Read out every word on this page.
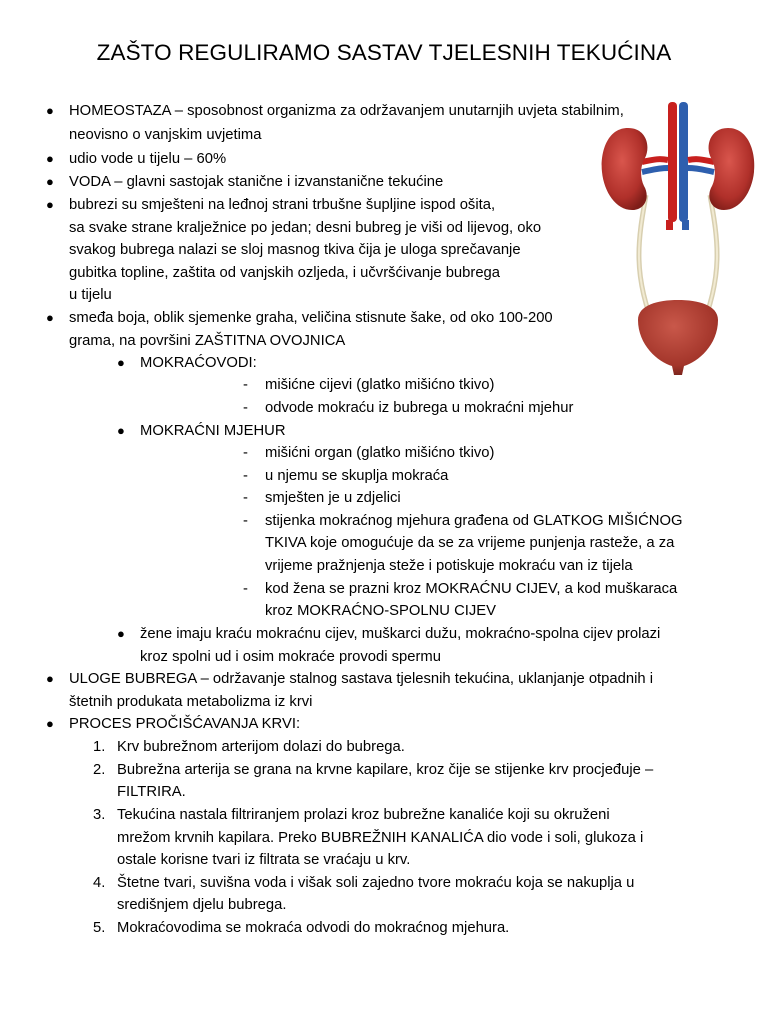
ZAŠTO REGULIRAMO SASTAV TJELESNIH TEKUĆINA
● HOMEOSTAZA – sposobnost organizma za održavanjem unutarnjih uvjeta stabilnim,
neovisno o vanjskim uvjetima
● udio vode u tijelu – 60%
● VODA – glavni sastojak stanične i izvanstanične tekućine
● bubrezi su smješteni na leđnoj strani trbušne šupljine ispod ošita,
sa svake strane kralježnice po jedan; desni bubreg je viši od lijevog, oko
svakog bubrega nalazi se sloj masnog tkiva čija je uloga sprečavanje
gubitka topline, zaštita od vanjskih ozljeda, i učvršćivanje bubrega
u tijelu
● smeđa boja, oblik sjemenke graha, veličina stisnute šake, od oko 100-200
grama, na površini ZAŠTITNA OVOJNICA
● MOKRAĆOVODI:
- mišićne cijevi (glatko mišićno tkivo)
- odvode mokraću iz bubrega u mokraćni mjehur
● MOKRAĆNI MJEHUR
- mišićni organ (glatko mišićno tkivo)
- u njemu se skuplja mokraća
- smješten je u zdjelici
- stijenka mokraćnog mjehura građena od GLATKOG MIŠIĆNOG
TKIVA koje omogućuje da se za vrijeme punjenja rasteže, a za
vrijeme pražnjenja steže i potiskuje mokraću van iz tijela
- kod žena se prazni kroz MOKRAĆNU CIJEV, a kod muškaraca
kroz MOKRAĆNO-SPOLNU CIJEV
● žene imaju kraću mokraćnu cijev, muškarci dužu, mokraćno-spolna cijev prolazi
kroz spolni ud i osim mokraće provodi spermu
● ULOGE BUBREGA – održavanje stalnog sastava tjelesnih tekućina, uklanjanje otpadnih i
štetnih produkata metabolizma iz krvi
● PROCES PROČIŠĆAVANJA KRVI:
1. Krv bubrežnom arterijom dolazi do bubrega.
2. Bubrežna arterija se grana na krvne kapilare, kroz čije se stijenke krv procjeđuje –
FILTRIRA.
3. Tekućina nastala filtriranjem prolazi kroz bubrežne kanaliće koji su okruženi
mrežom krvnih kapilara. Preko BUBREŽNIH KANALIĆA dio vode i soli, glukoza i
ostale korisne tvari iz filtrata se vraćaju u krv.
4. Štetne tvari, suvišna voda i višak soli zajedno tvore mokraću koja se nakuplja u
središnjem djelu bubrega.
5. Mokraćovodima se mokraća odvodi do mokraćnog mjehura.
